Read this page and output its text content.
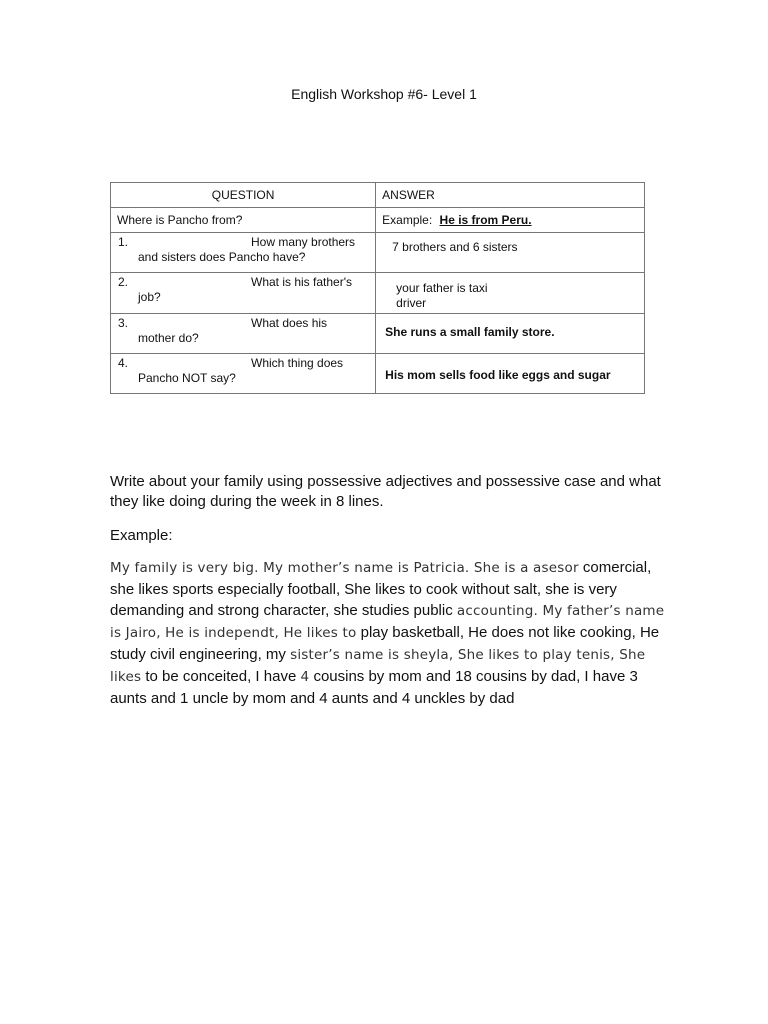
English Workshop #6- Level 1
QUESTION	ANSWER

Where is Pancho from?	Example: He is from Peru.

1. How many brothers
and sisters does Pancho have?	7 brothers and 6 sisters

2. What is his father's
job?	your father is taxi driver

3. What does his
mother do?	She runs a small family store.

4. Which thing does
Pancho NOT say?	His mom sells food like eggs and sugar

Write about your family using possessive adjectives and possessive case and what they like doing during the week in 8 lines.

Example:

My family is very big. My mother’s name is Patricia. She is a asesor comercial, she likes sports especially football, She likes to cook without salt, she is very demanding and strong character, she studies public accounting. My father’s name is Jairo, He is independt, He likes to play basketball, He does not like cooking, He study civil engineering, my sister’s name is sheyla, She likes to play tenis, She likes to be conceited, I have 4 cousins by mom and 18 cousins by dad, I have 3 aunts and 1 uncle by mom and 4 aunts and 4 unckles by dad
